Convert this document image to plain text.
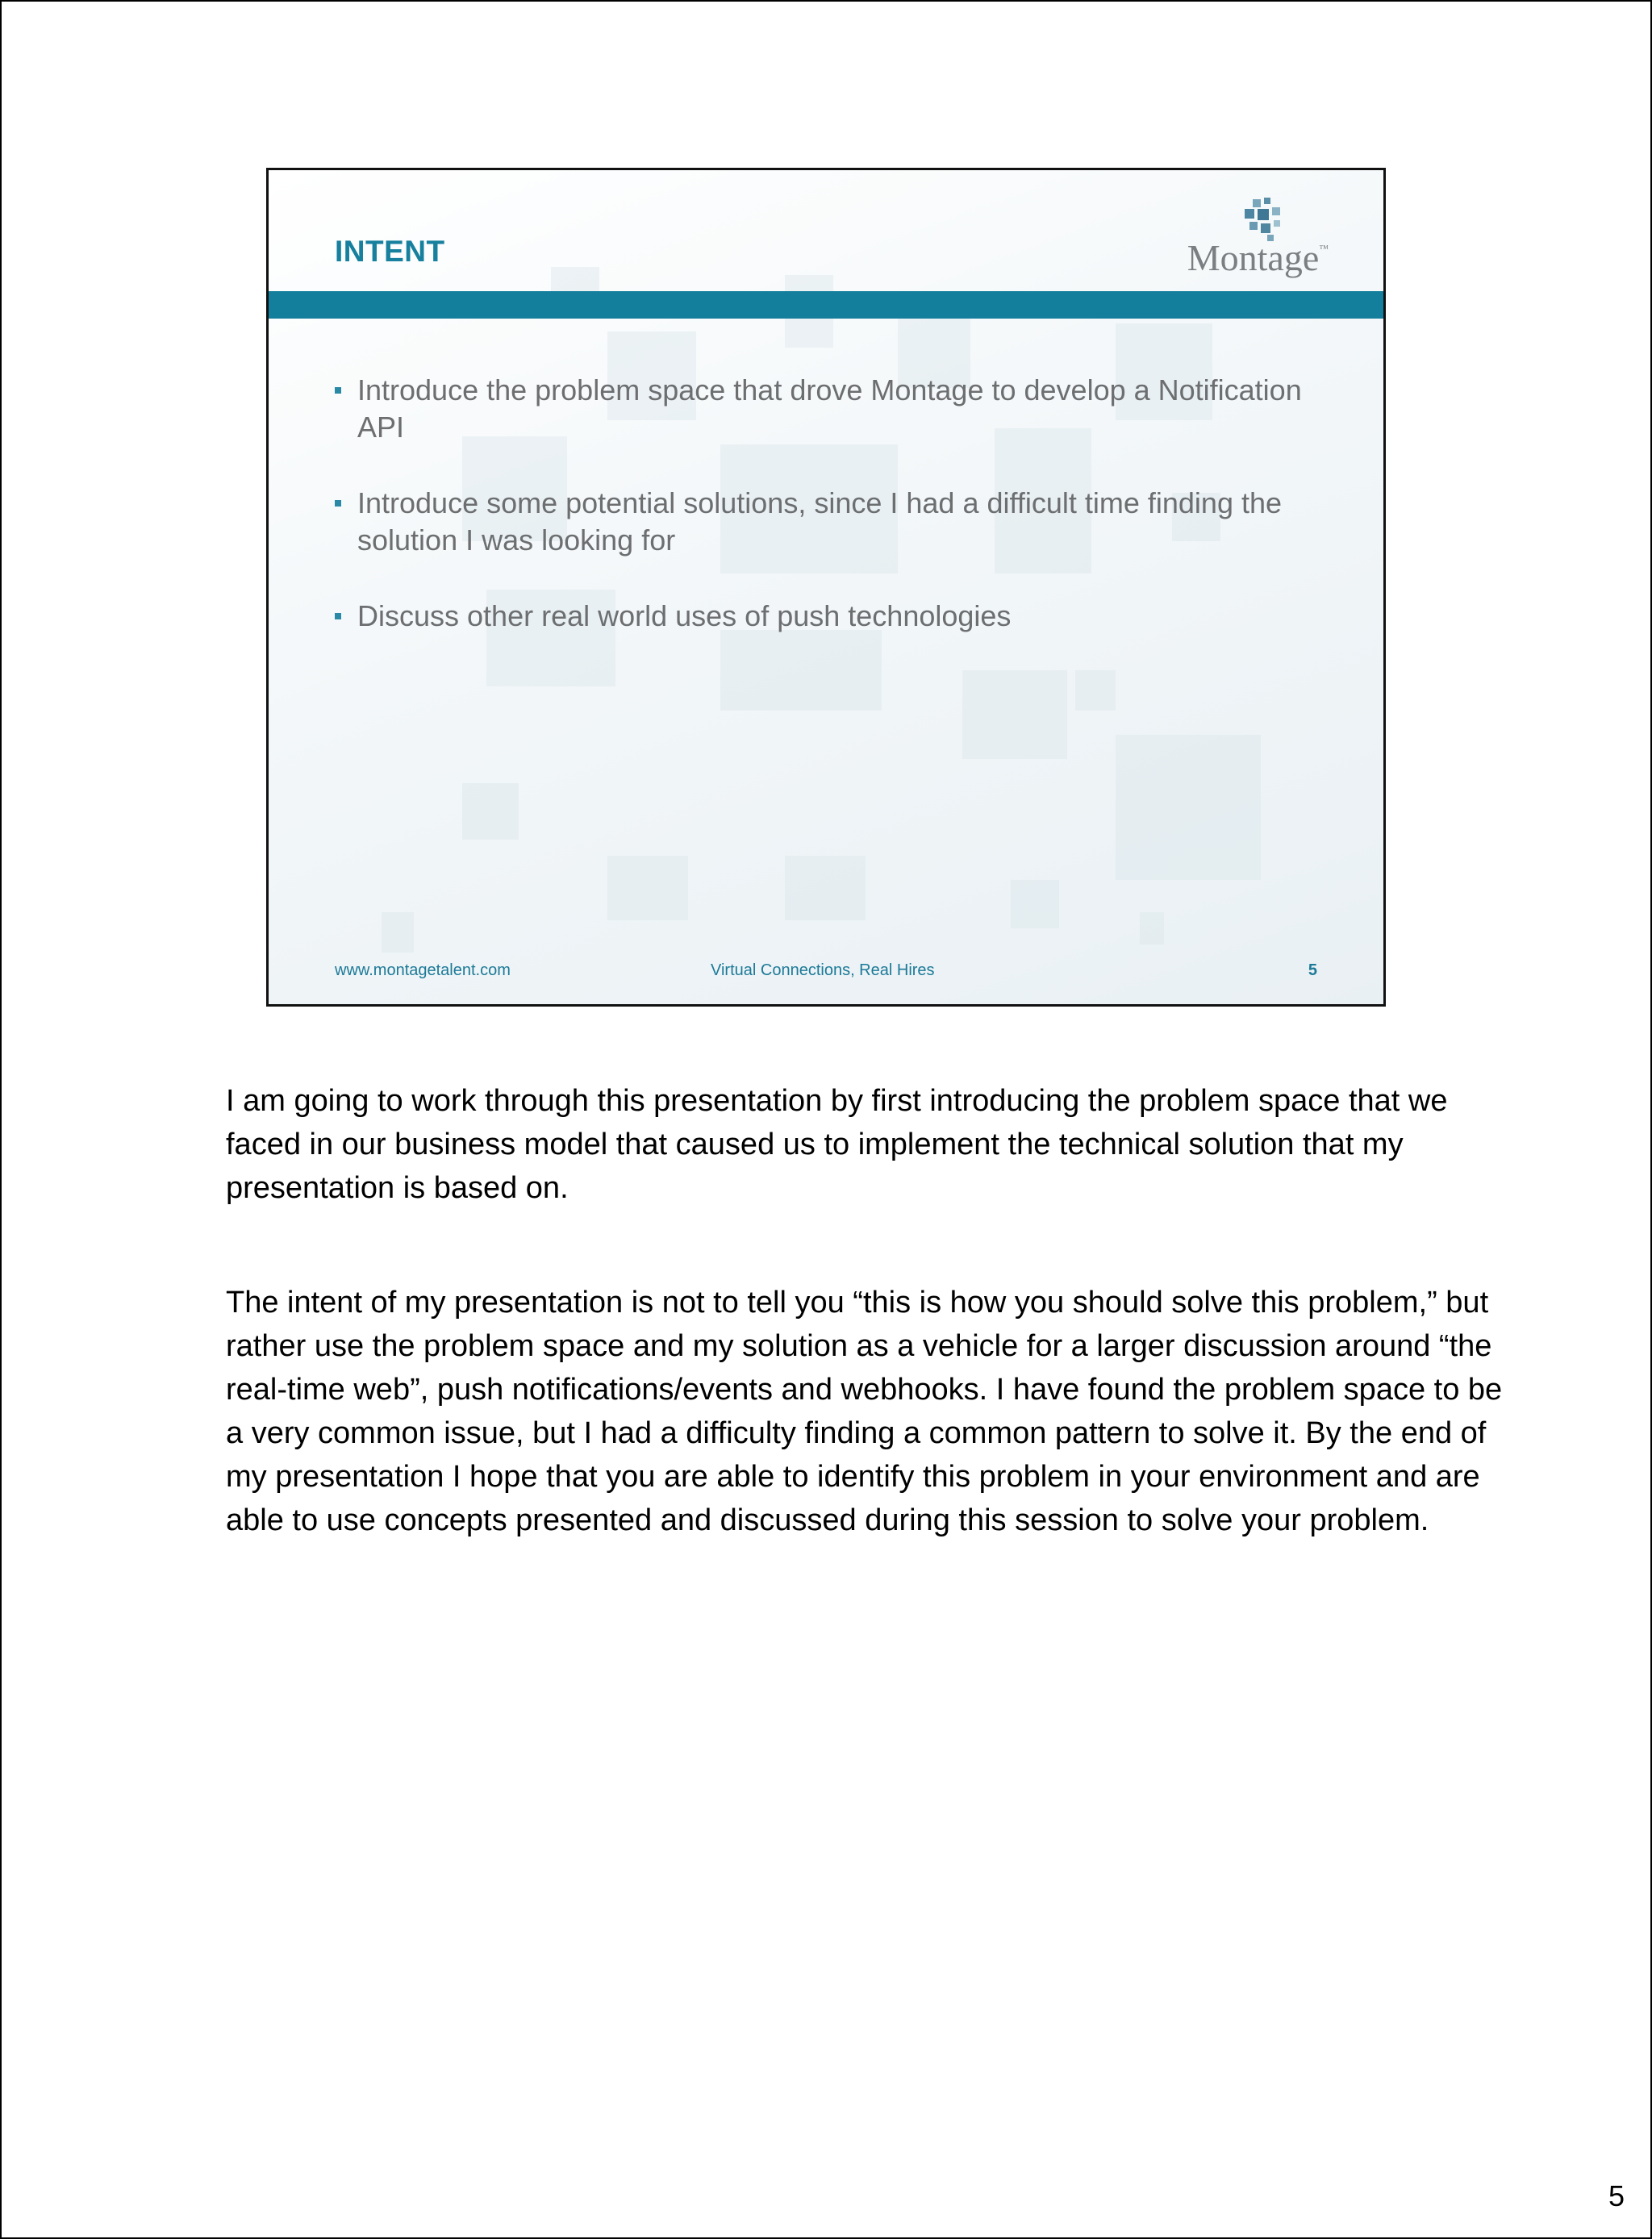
INTENT	Montage™
Introduce the problem space that drove Montage to develop a Notification API
Introduce some potential solutions, since I had a difficult time finding the solution I was looking for
Discuss other real world uses of push technologies
www.montagetalent.com	Virtual Connections, Real Hires	5

I am going to work through this presentation by first introducing the problem space that we faced in our business model that caused us to implement the technical solution that my presentation is based on.

The intent of my presentation is not to tell you “this is how you should solve this problem,” but rather use the problem space and my solution as a vehicle for a larger discussion around “the real-time web”, push notifications/events and webhooks. I have found the problem space to be a very common issue, but I had a difficulty finding a common pattern to solve it. By the end of my presentation I hope that you are able to identify this problem in your environment and are able to use concepts presented and discussed during this session to solve your problem.

5
